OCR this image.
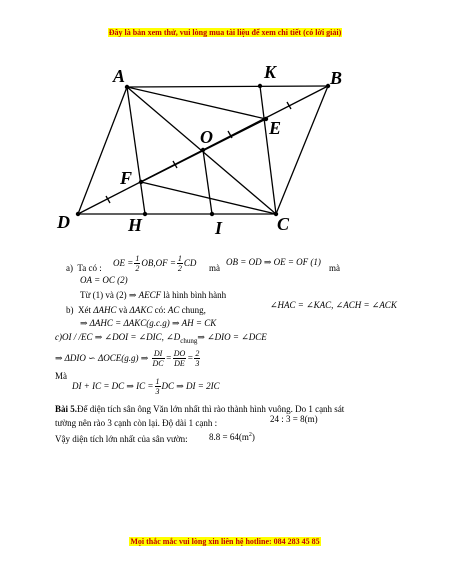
Đây là bản xem thử, vui lòng mua tài liệu để xem chi tiết (có lời giải)
A	K	B
O	E
F
D	H	I	C
a) Ta có : OE = $\frac{1}{2} OB,OF = \frac{1}{2}$ CD mà
OB = OD ⇒ OE = OF (1)
mà
OA = OC (2)
Từ (1) và (2) ⇒ AECF là hình bình hành
b) Xét ΔAHC và ΔAKC có: AC chung,	∠HAC = ∠KAC, ∠ACH = ∠ACK
⇒ ΔAHC = ΔAKC(g.c.g) ⇒ AH = CK
c)OI / /EC ⇒ ∠DOI = ∠DIC, $\angle D_{chung}\Rightarrow$ ∠DIO = ∠DCE
⇒ ΔDIO ∽ ΔOCE(g.g) ⇒ $\frac{DI}{DC} = \frac{DO}{DE} = \frac{2}{3}$
Mà
DI + IC = DC ⇒ IC = $\frac{1}{3}$ DC ⇒ DI = 2IC
Bài 5.Để diện tích sân ông Văn lớn nhất thì rào thành hình vuông. Do 1 cạnh sát
tường nên rào 3 cạnh còn lại. Độ dài 1 cạnh :	24 : 3 = 8(m)
Vậy diện tích lớn nhất của sân vườn: $8.8 = 64(m^2)$
Mọi thắc mắc vui lòng xin liên hệ hotline: 084 283 45 85
